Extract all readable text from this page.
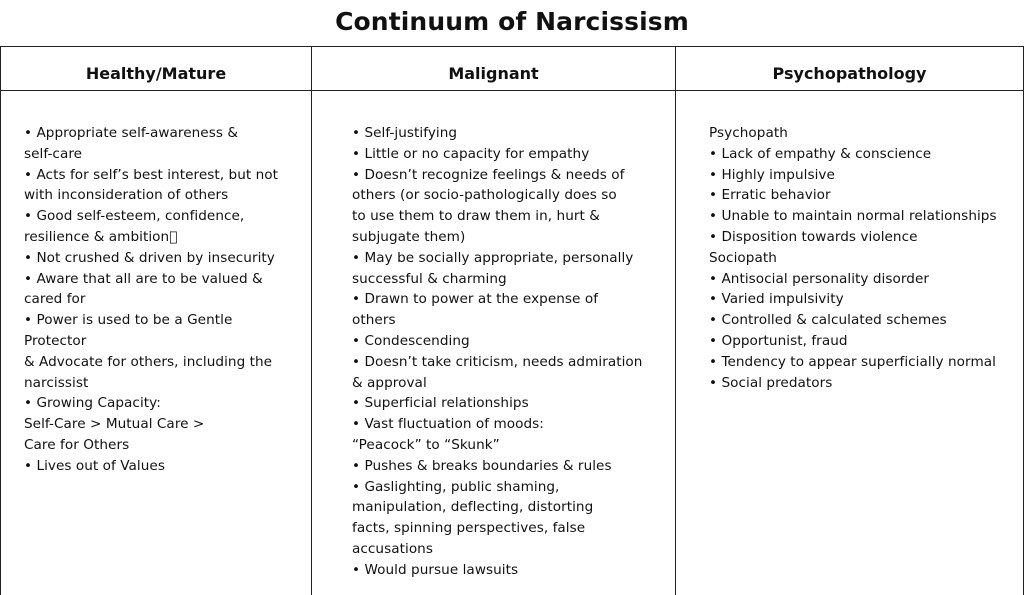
Continuum of Narcissism
Healthy/Mature
• Appropriate self-awareness &
self-care
• Acts for self’s best interest, but not
with inconsideration of others
• Good self-esteem, confidence,
resilience & ambition 
• Not crushed & driven by insecurity
• Aware that all are to be valued &
cared for
• Power is used to be a Gentle
Protector
& Advocate for others, including the
narcissist
• Growing Capacity:
Self-Care > Mutual Care >
Care for Others
• Lives out of Values
Malignant
• Self-justifying
• Little or no capacity for empathy
• Doesn’t recognize feelings & needs of
others (or socio-pathologically does so
to use them to draw them in, hurt &
subjugate them)
• May be socially appropriate, personally
successful & charming
• Drawn to power at the expense of
others
• Condescending
• Doesn’t take criticism, needs admiration
& approval
• Superficial relationships
• Vast fluctuation of moods:
“Peacock” to “Skunk”
• Pushes & breaks boundaries & rules
• Gaslighting, public shaming,
manipulation, deflecting, distorting
facts, spinning perspectives, false
accusations
• Would pursue lawsuits
Psychopathology
Psychopath
• Lack of empathy & conscience
• Highly impulsive
• Erratic behavior
• Unable to maintain normal relationships
• Disposition towards violence
Sociopath
• Antisocial personality disorder
• Varied impulsivity
• Controlled & calculated schemes
• Opportunist, fraud
• Tendency to appear superficially normal
• Social predators
